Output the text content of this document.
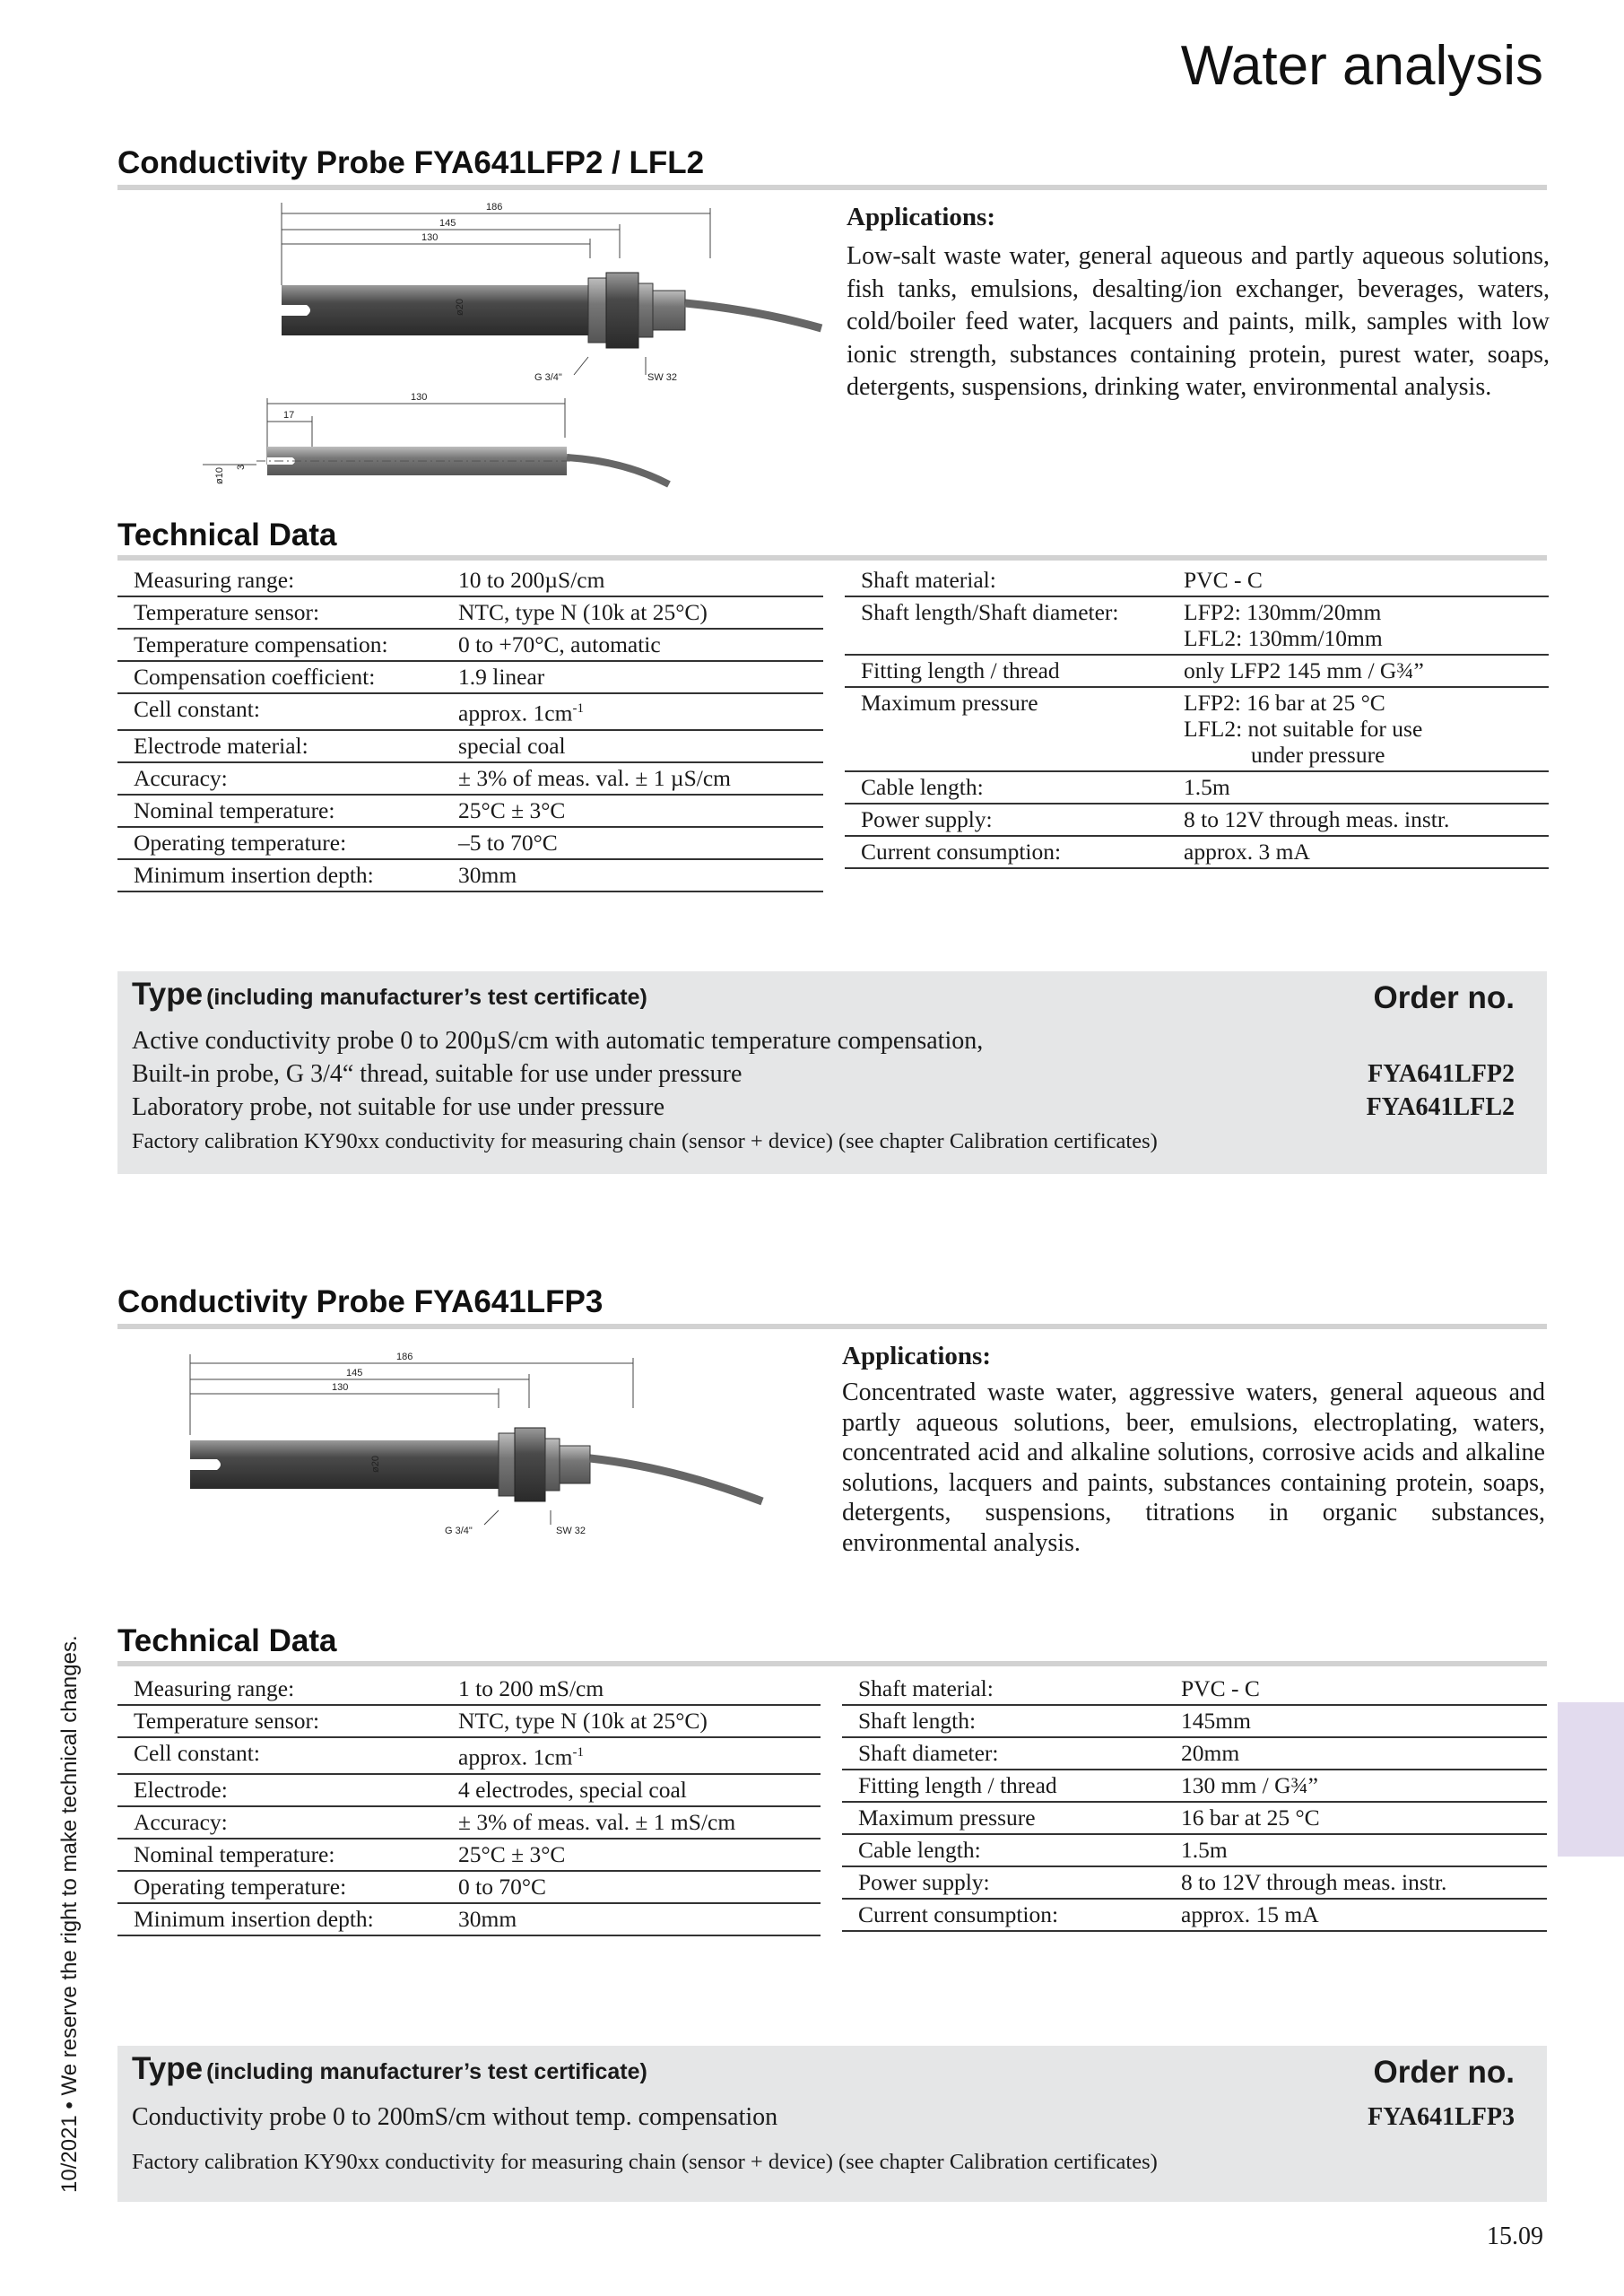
Water analysis
10/2021 • We reserve the right to make technical changes.
Conductivity Probe FYA641LFP2 / LFL2
186
145
130
ø20
G 3/4"	SW 32
130
17
ø10
3
Applications:
Low-salt waste water, general aqueous and partly aqueous solutions, fish tanks, emulsions, desalting/ion exchanger, beverages, waters, cold/boiler feed water, lacquers and paints, milk, samples with low ionic strength, substances containing protein, purest water, soaps, detergents, suspensions, drinking water, environmental analysis.
Technical Data
Measuring range:	10 to 200µS/cm
Temperature sensor:	NTC, type N (10k at 25°C)
Temperature compensation:	0 to +70°C, automatic
Compensation coefficient:	1.9 linear
Cell constant:	approx. $1cm^{-1}$
Electrode material:	special coal
Accuracy:	± 3% of meas. val. ± 1 µS/cm
Nominal temperature:	25°C ± 3°C
Operating temperature:	–5 to 70°C
Minimum insertion depth:	30mm
Shaft material:	PVC - C

Shaft length/Shaft diameter:	LFP2: 130mm/20mm
LFL2: 130mm/10mm

Fitting length / thread	only LFP2 145 mm / G¾”

Maximum pressure	LFP2: 16 bar at 25 °C
LFL2: not suitable for use
under pressure

Cable length:	1.5m

Power supply:	8 to 12V through meas. instr.

Current consumption:	approx. 3 mA
Type (including manufacturer’s test certificate)	Order no.
Active conductivity probe 0 to 200µS/cm with automatic temperature compensation,
Built-in probe, G 3/4“ thread, suitable for use under pressure	FYA641LFP2
Laboratory probe, not suitable for use under pressure	FYA641LFL2
Factory calibration KY90xx conductivity for measuring chain (sensor + device) (see chapter Calibration certificates)
Conductivity Probe FYA641LFP3
186
145
130
ø20
G 3/4"	SW 32
Applications:
Concentrated waste water, aggressive waters, general aqueous and partly aqueous solutions, beer, emulsions, electroplating, waters, concentrated acid and alkaline solutions, corrosive acids and alkaline solutions, lacquers and paints, substances containing protein, soaps, detergents, suspensions, titrations in organic substances, environmental analysis.
Technical Data
Measuring range:	1 to 200 mS/cm
Temperature sensor:	NTC, type N (10k at 25°C)
Cell constant:	approx. $1cm^{-1}$
Electrode:	4 electrodes, special coal
Accuracy:	± 3% of meas. val. ± 1 mS/cm
Nominal temperature:	25°C ± 3°C
Operating temperature:	0 to 70°C
Minimum insertion depth:	30mm
Shaft material:	PVC - C

Shaft length:	145mm

Shaft diameter:	20mm

Fitting length / thread	130 mm / G¾”

Maximum pressure	16 bar at 25 °C

Cable length:	1.5m

Power supply:	8 to 12V through meas. instr.

Current consumption:	approx. 15 mA
Type (including manufacturer’s test certificate)	Order no.
Conductivity probe 0 to 200mS/cm without temp. compensation	FYA641LFP3
Factory calibration KY90xx conductivity for measuring chain (sensor + device) (see chapter Calibration certificates)
15.09
